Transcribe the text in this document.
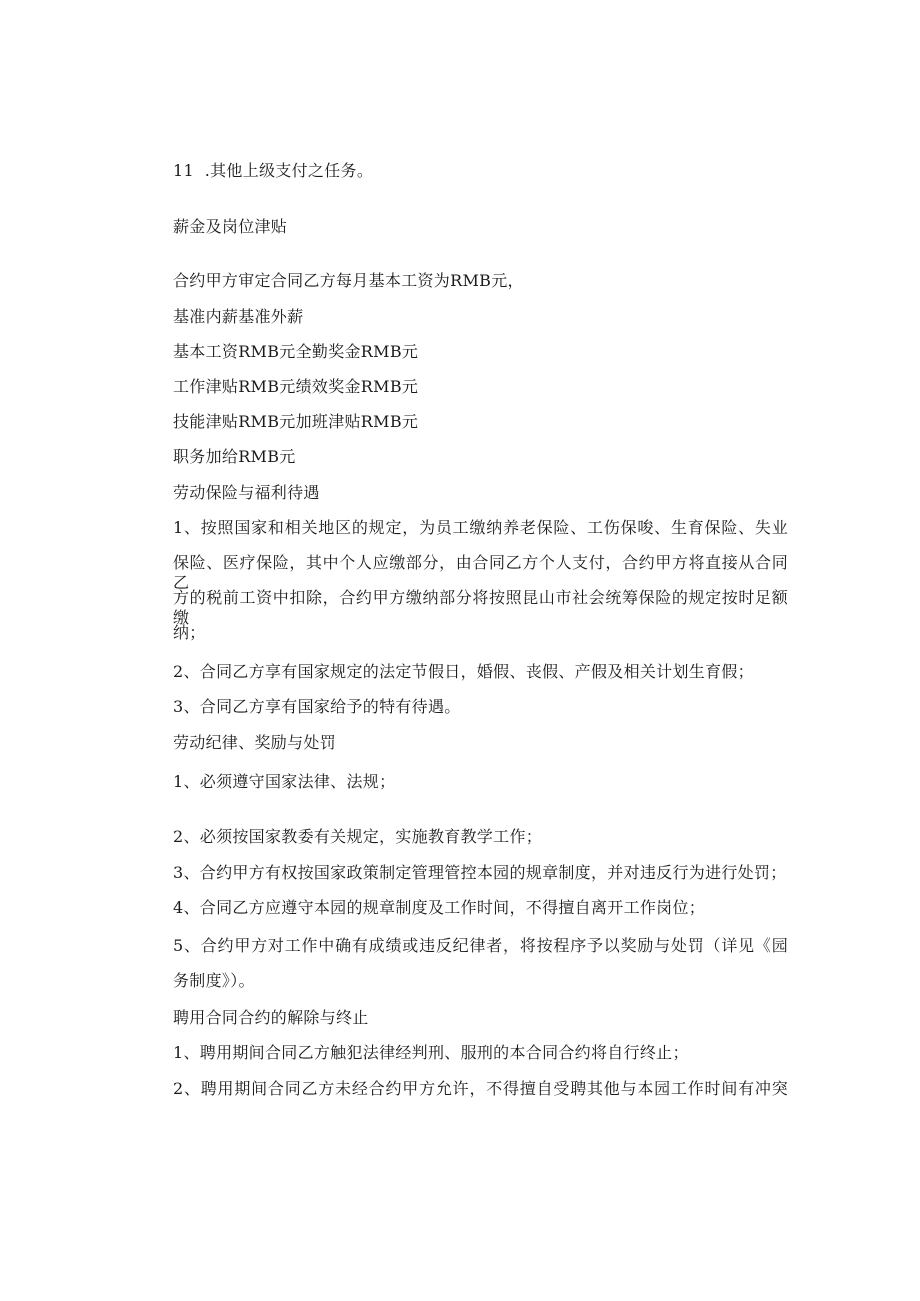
11  .其他上级支付之任务。
薪金及岗位津贴
合约甲方审定合同乙方每月基本工资为RMB元，
基准内薪基准外薪
基本工资RMB元全勤奖金RMB元
工作津贴RMB元绩效奖金RMB元
技能津贴RMB元加班津贴RMB元
职务加给RMB元
劳动保险与福利待遇
1、按照国家和相关地区的规定，为员工缴纳养老保险、工伤保唆、生育保险、失业
保险、医疗保险，其中个人应缴部分，由合同乙方个人支付，合约甲方将直接从合同乙
方的税前工资中扣除，合约甲方缴纳部分将按照昆山市社会统筹保险的规定按时足额缴
纳；
2、合同乙方享有国家规定的法定节假日，婚假、丧假、产假及相关计划生育假；
3、合同乙方享有国家给予的特有待遇。
劳动纪律、奖励与处罚
1、必须遵守国家法律、法规；
2、必须按国家教委有关规定，实施教育教学工作；
3、合约甲方有权按国家政策制定管理管控本园的规章制度，并对违反行为进行处罚；
4、合同乙方应遵守本园的规章制度及工作时间，不得擅自离开工作岗位；
5、合约甲方对工作中确有成绩或违反纪律者，将按程序予以奖励与处罚（详见《园
务制度》）。
聘用合同合约的解除与终止
1、聘用期间合同乙方触犯法律经判刑、服刑的本合同合约将自行终止；
2、聘用期间合同乙方未经合约甲方允许，不得擅自受聘其他与本园工作时间有冲突
